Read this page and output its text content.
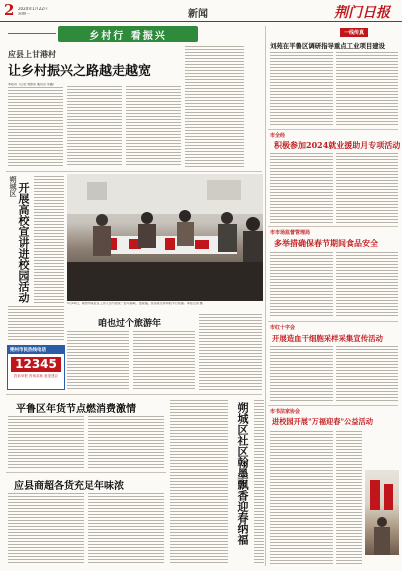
2 2024年1月22日
星期一	新闻	荆门日报
乡村行 看振兴
应县上甘港村
让乡村振兴之路越走越宽
本报讯（记者 刘德荣 通讯员 李鑫）
朔城区 开展高校宣讲进校园活动	1月20日，朔州市某社区工作人员与居民一起写春联、送祝福，营造喜庆祥和的节日氛围。本报记者 摄
咱也过个旅游年
朔州市民热线电话
12345
投诉举报 咨询求助 意见建议
平鲁区年货节点燃消费激情
应县商超各货充足年味浓	朔城区社区翰墨飘香迎春纳福
一线传真
刘苑在平鲁区调研指导重点工业项目建设
市全经
积极参加2024就业援助月专项活动
市市场监督管理局
多举措确保春节期间食品安全
市红十字会
开展造血干细胞采样采集宣传活动
市书法家协会
进校园开展"万福迎春"公益活动
